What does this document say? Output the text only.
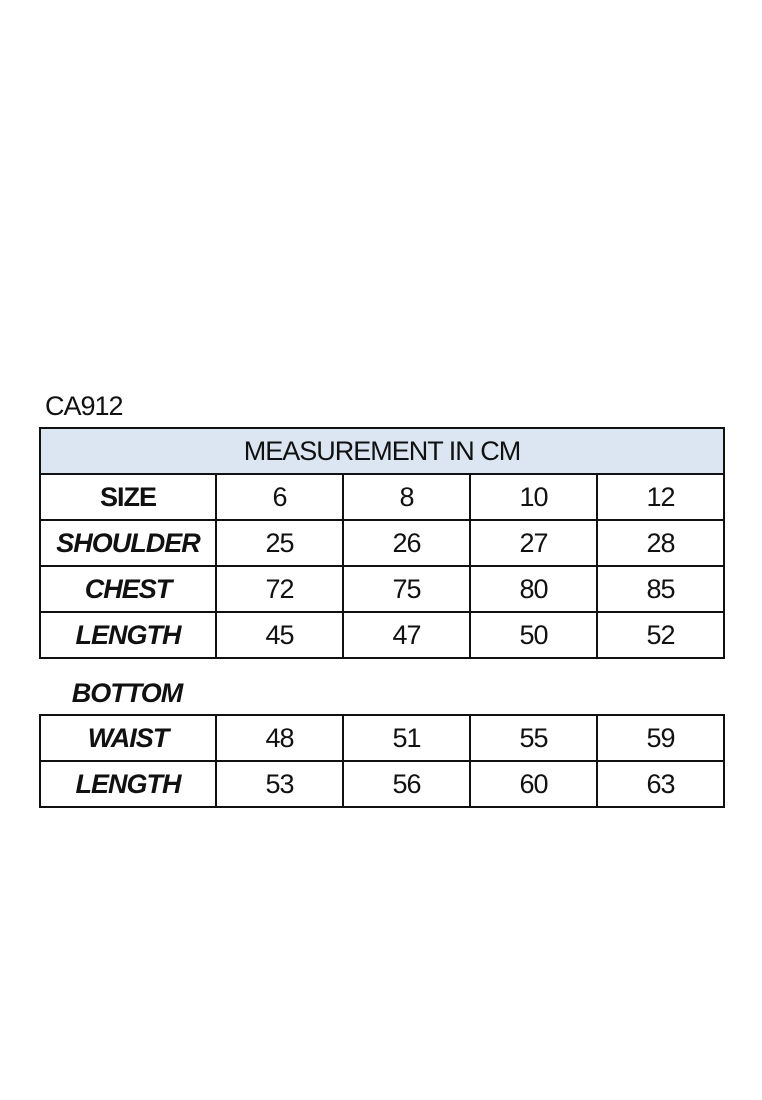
CA912
MEASUREMENT IN CM				
SIZE	6	8	10	12
SHOULDER	25	26	27	28
CHEST	72	75	80	85
LENGTH	45	47	50	52
BOTTOM
WAIST	48	51	55	59
LENGTH	53	56	60	63
